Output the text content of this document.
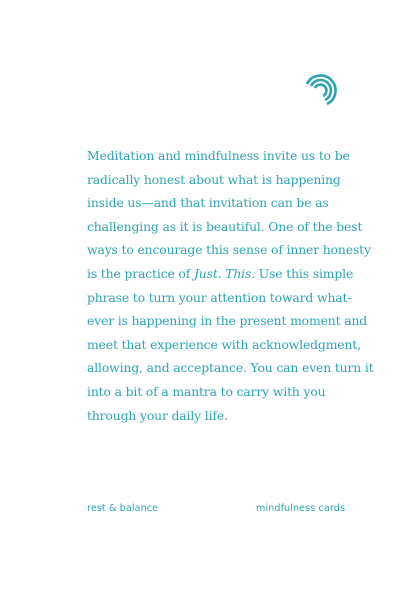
Meditation and mindfulness invite us to be
radically honest about what is happening
inside us—and that invitation can be as
challenging as it is beautiful. One of the best
ways to encourage this sense of inner honesty
is the practice of Just. This. Use this simple
phrase to turn your attention toward what-
ever is happening in the present moment and
meet that experience with acknowledgment,
allowing, and acceptance. You can even turn it
into a bit of a mantra to carry with you
through your daily life.

rest & balance	mindfulness cards
